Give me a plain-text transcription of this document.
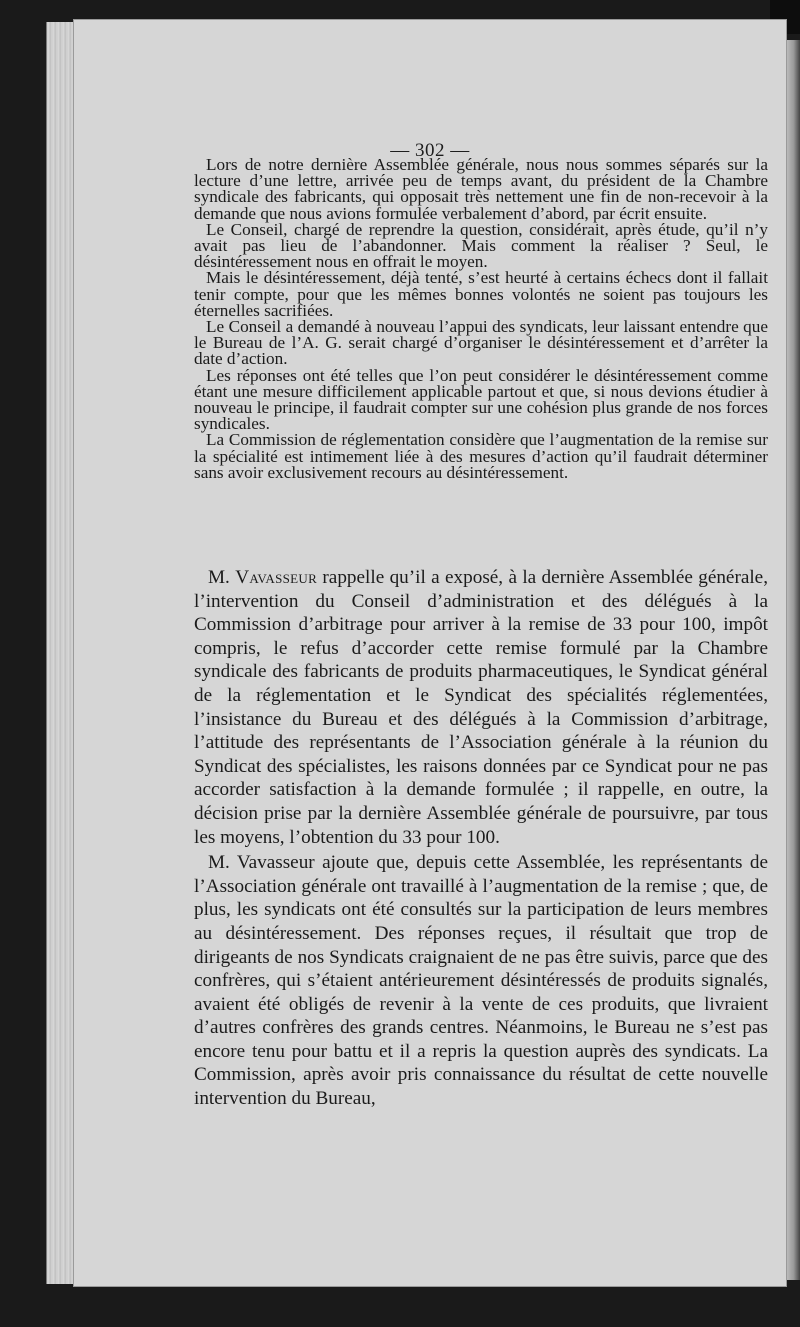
— 302 —

Lors de notre dernière Assemblée générale, nous nous sommes séparés sur la lecture d’une lettre, arrivée peu de temps avant, du président de la Chambre syndicale des fabricants, qui opposait très nettement une fin de non-recevoir à la demande que nous avions formulée verbalement d’abord, par écrit ensuite.

Le Conseil, chargé de reprendre la question, considérait, après étude, qu’il n’y avait pas lieu de l’abandonner. Mais comment la réaliser ? Seul, le désintéressement nous en offrait le moyen.

Mais le désintéressement, déjà tenté, s’est heurté à certains échecs dont il fallait tenir compte, pour que les mêmes bonnes volontés ne soient pas toujours les éternelles sacrifiées.

Le Conseil a demandé à nouveau l’appui des syndicats, leur laissant entendre que le Bureau de l’A. G. serait chargé d’organiser le désintéressement et d’arrêter la date d’action.

Les réponses ont été telles que l’on peut considérer le désintéressement comme étant une mesure difficilement applicable partout et que, si nous devions étudier à nouveau le principe, il faudrait compter sur une cohésion plus grande de nos forces syndicales.

La Commission de réglementation considère que l’augmentation de la remise sur la spécialité est intimement liée à des mesures d’action qu’il faudrait déterminer sans avoir exclusivement recours au désintéressement.

M. Vavasseur rappelle qu’il a exposé, à la dernière Assemblée générale, l’intervention du Conseil d’administration et des délégués à la Commission d’arbitrage pour arriver à la remise de 33 pour 100, impôt compris, le refus d’accorder cette remise formulé par la Chambre syndicale des fabricants de produits pharmaceutiques, le Syndicat général de la réglementation et le Syndicat des spécialités réglementées, l’insistance du Bureau et des délégués à la Commission d’arbitrage, l’attitude des représentants de l’Association générale à la réunion du Syndicat des spécialistes, les raisons données par ce Syndicat pour ne pas accorder satisfaction à la demande formulée ; il rappelle, en outre, la décision prise par la dernière Assemblée générale de poursuivre, par tous les moyens, l’obtention du 33 pour 100.

M. Vavasseur ajoute que, depuis cette Assemblée, les représentants de l’Association générale ont travaillé à l’augmentation de la remise ; que, de plus, les syndicats ont été consultés sur la participation de leurs membres au désintéressement. Des réponses reçues, il résultait que trop de dirigeants de nos Syndicats craignaient de ne pas être suivis, parce que des confrères, qui s’étaient antérieurement désintéressés de produits signalés, avaient été obligés de revenir à la vente de ces produits, que livraient d’autres confrères des grands centres. Néanmoins, le Bureau ne s’est pas encore tenu pour battu et il a repris la question auprès des syndicats. La Commission, après avoir pris connaissance du résultat de cette nouvelle intervention du Bureau,
